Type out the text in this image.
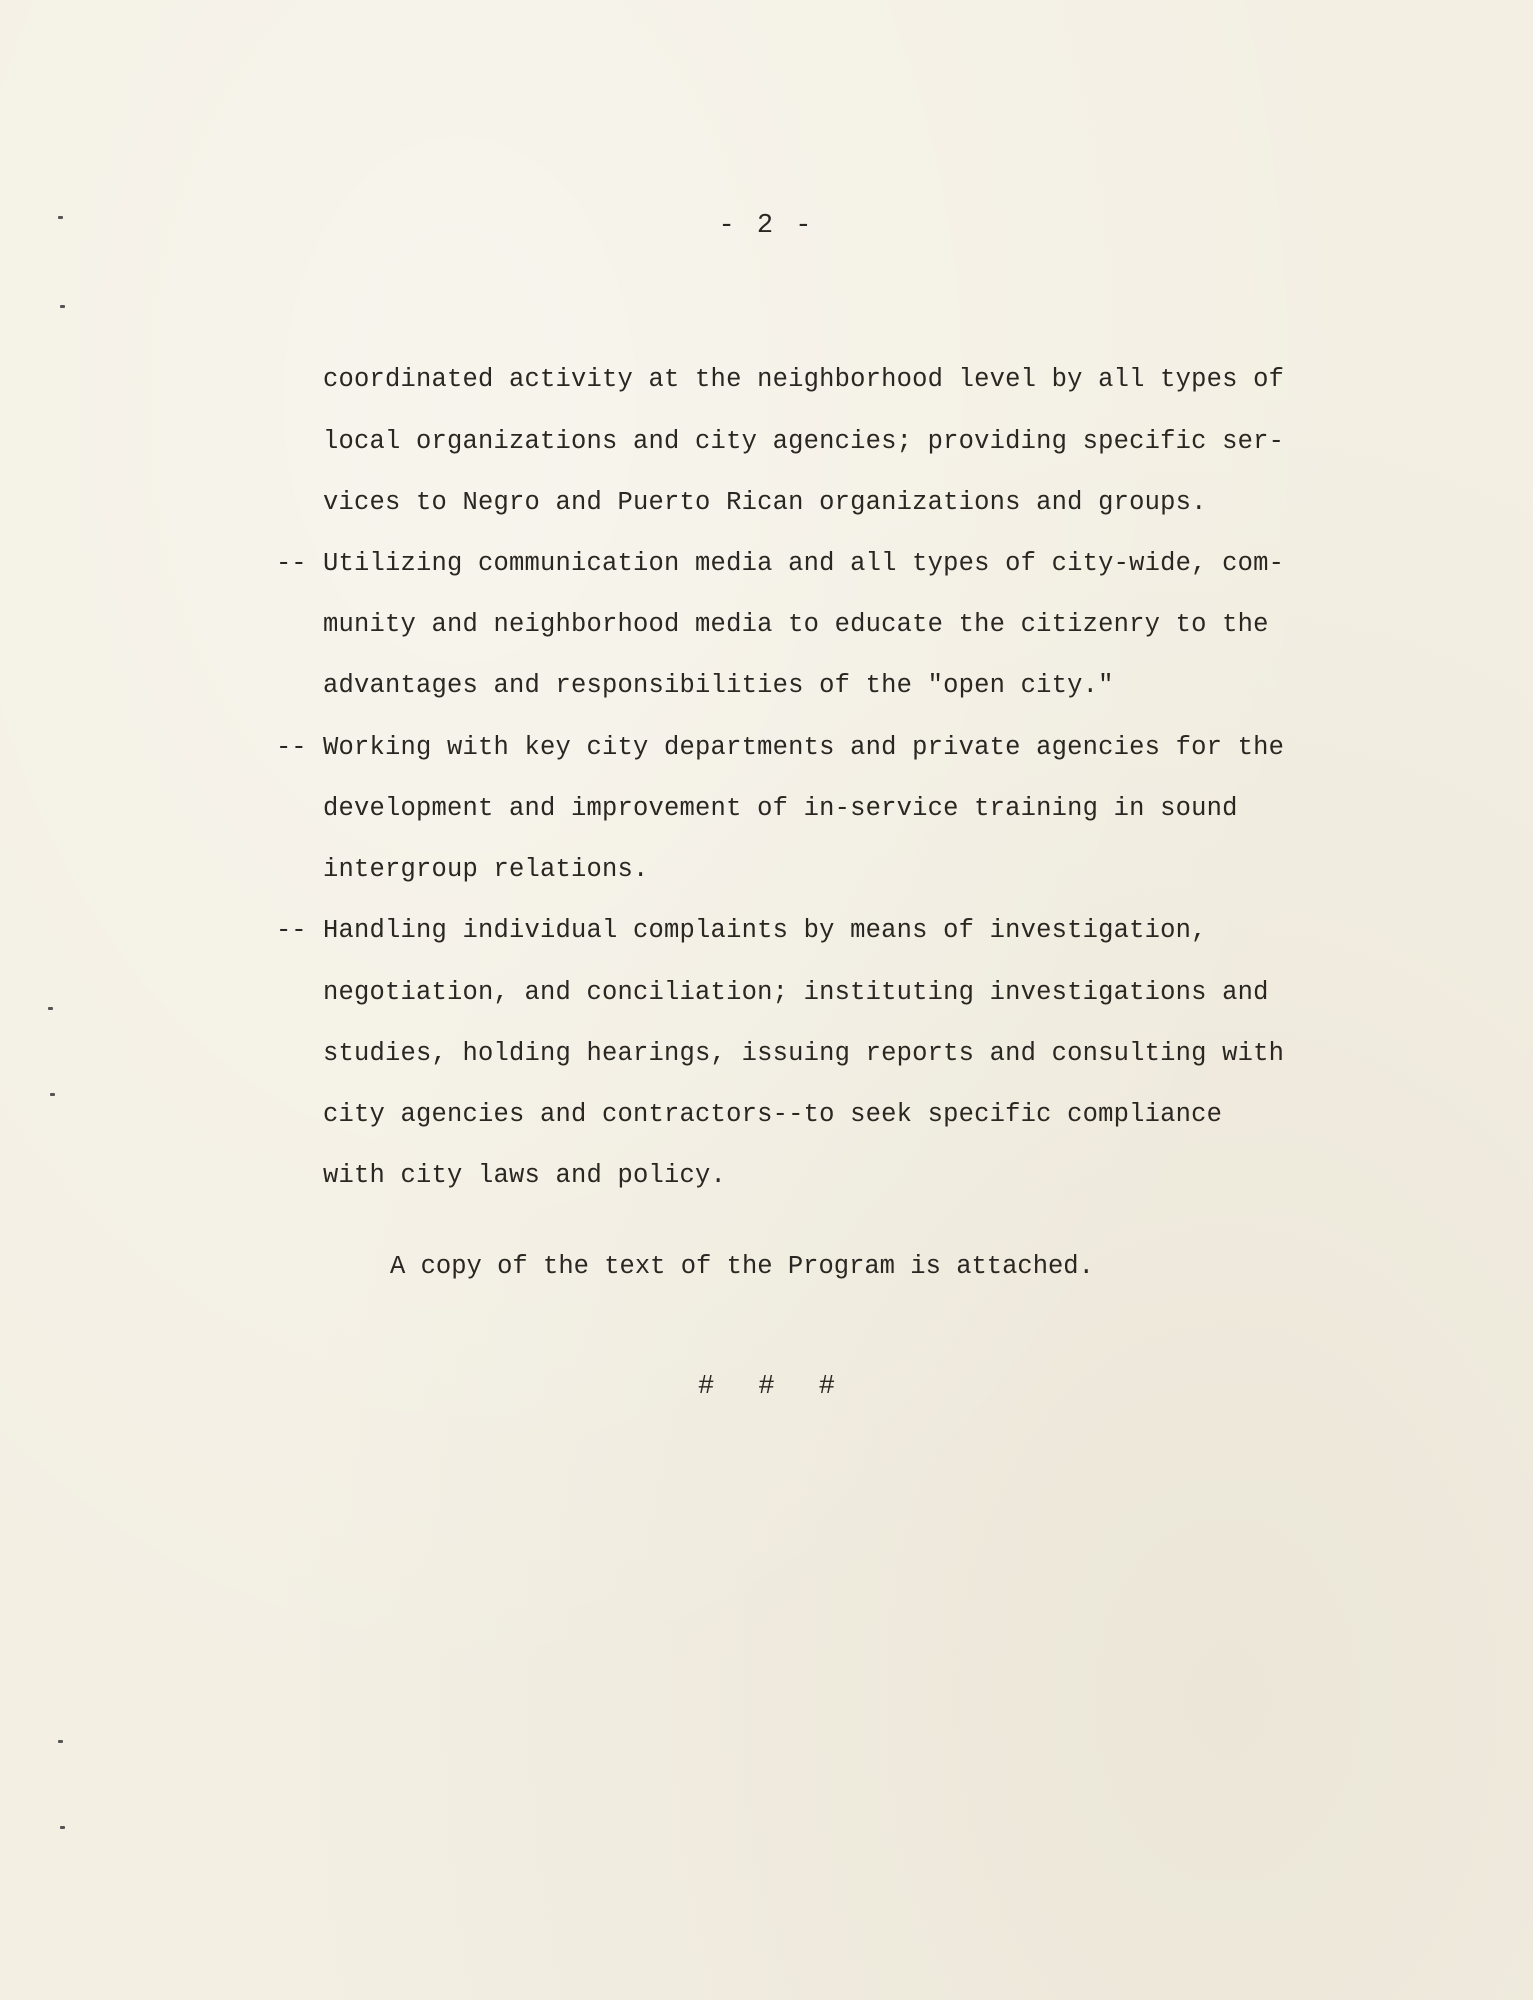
- 2 -
coordinated activity at the neighborhood level by all types of
local organizations and city agencies; providing specific ser-
vices to Negro and Puerto Rican organizations and groups.
-- Utilizing communication media and all types of city-wide, com-
munity and neighborhood media to educate the citizenry to the
advantages and responsibilities of the "open city."
-- Working with key city departments and private agencies for the
development and improvement of in-service training in sound
intergroup relations.
-- Handling individual complaints by means of investigation,
negotiation, and conciliation; instituting investigations and
studies, holding hearings, issuing reports and consulting with
city agencies and contractors--to seek specific compliance
with city laws and policy.
A copy of the text of the Program is attached.
# # #
